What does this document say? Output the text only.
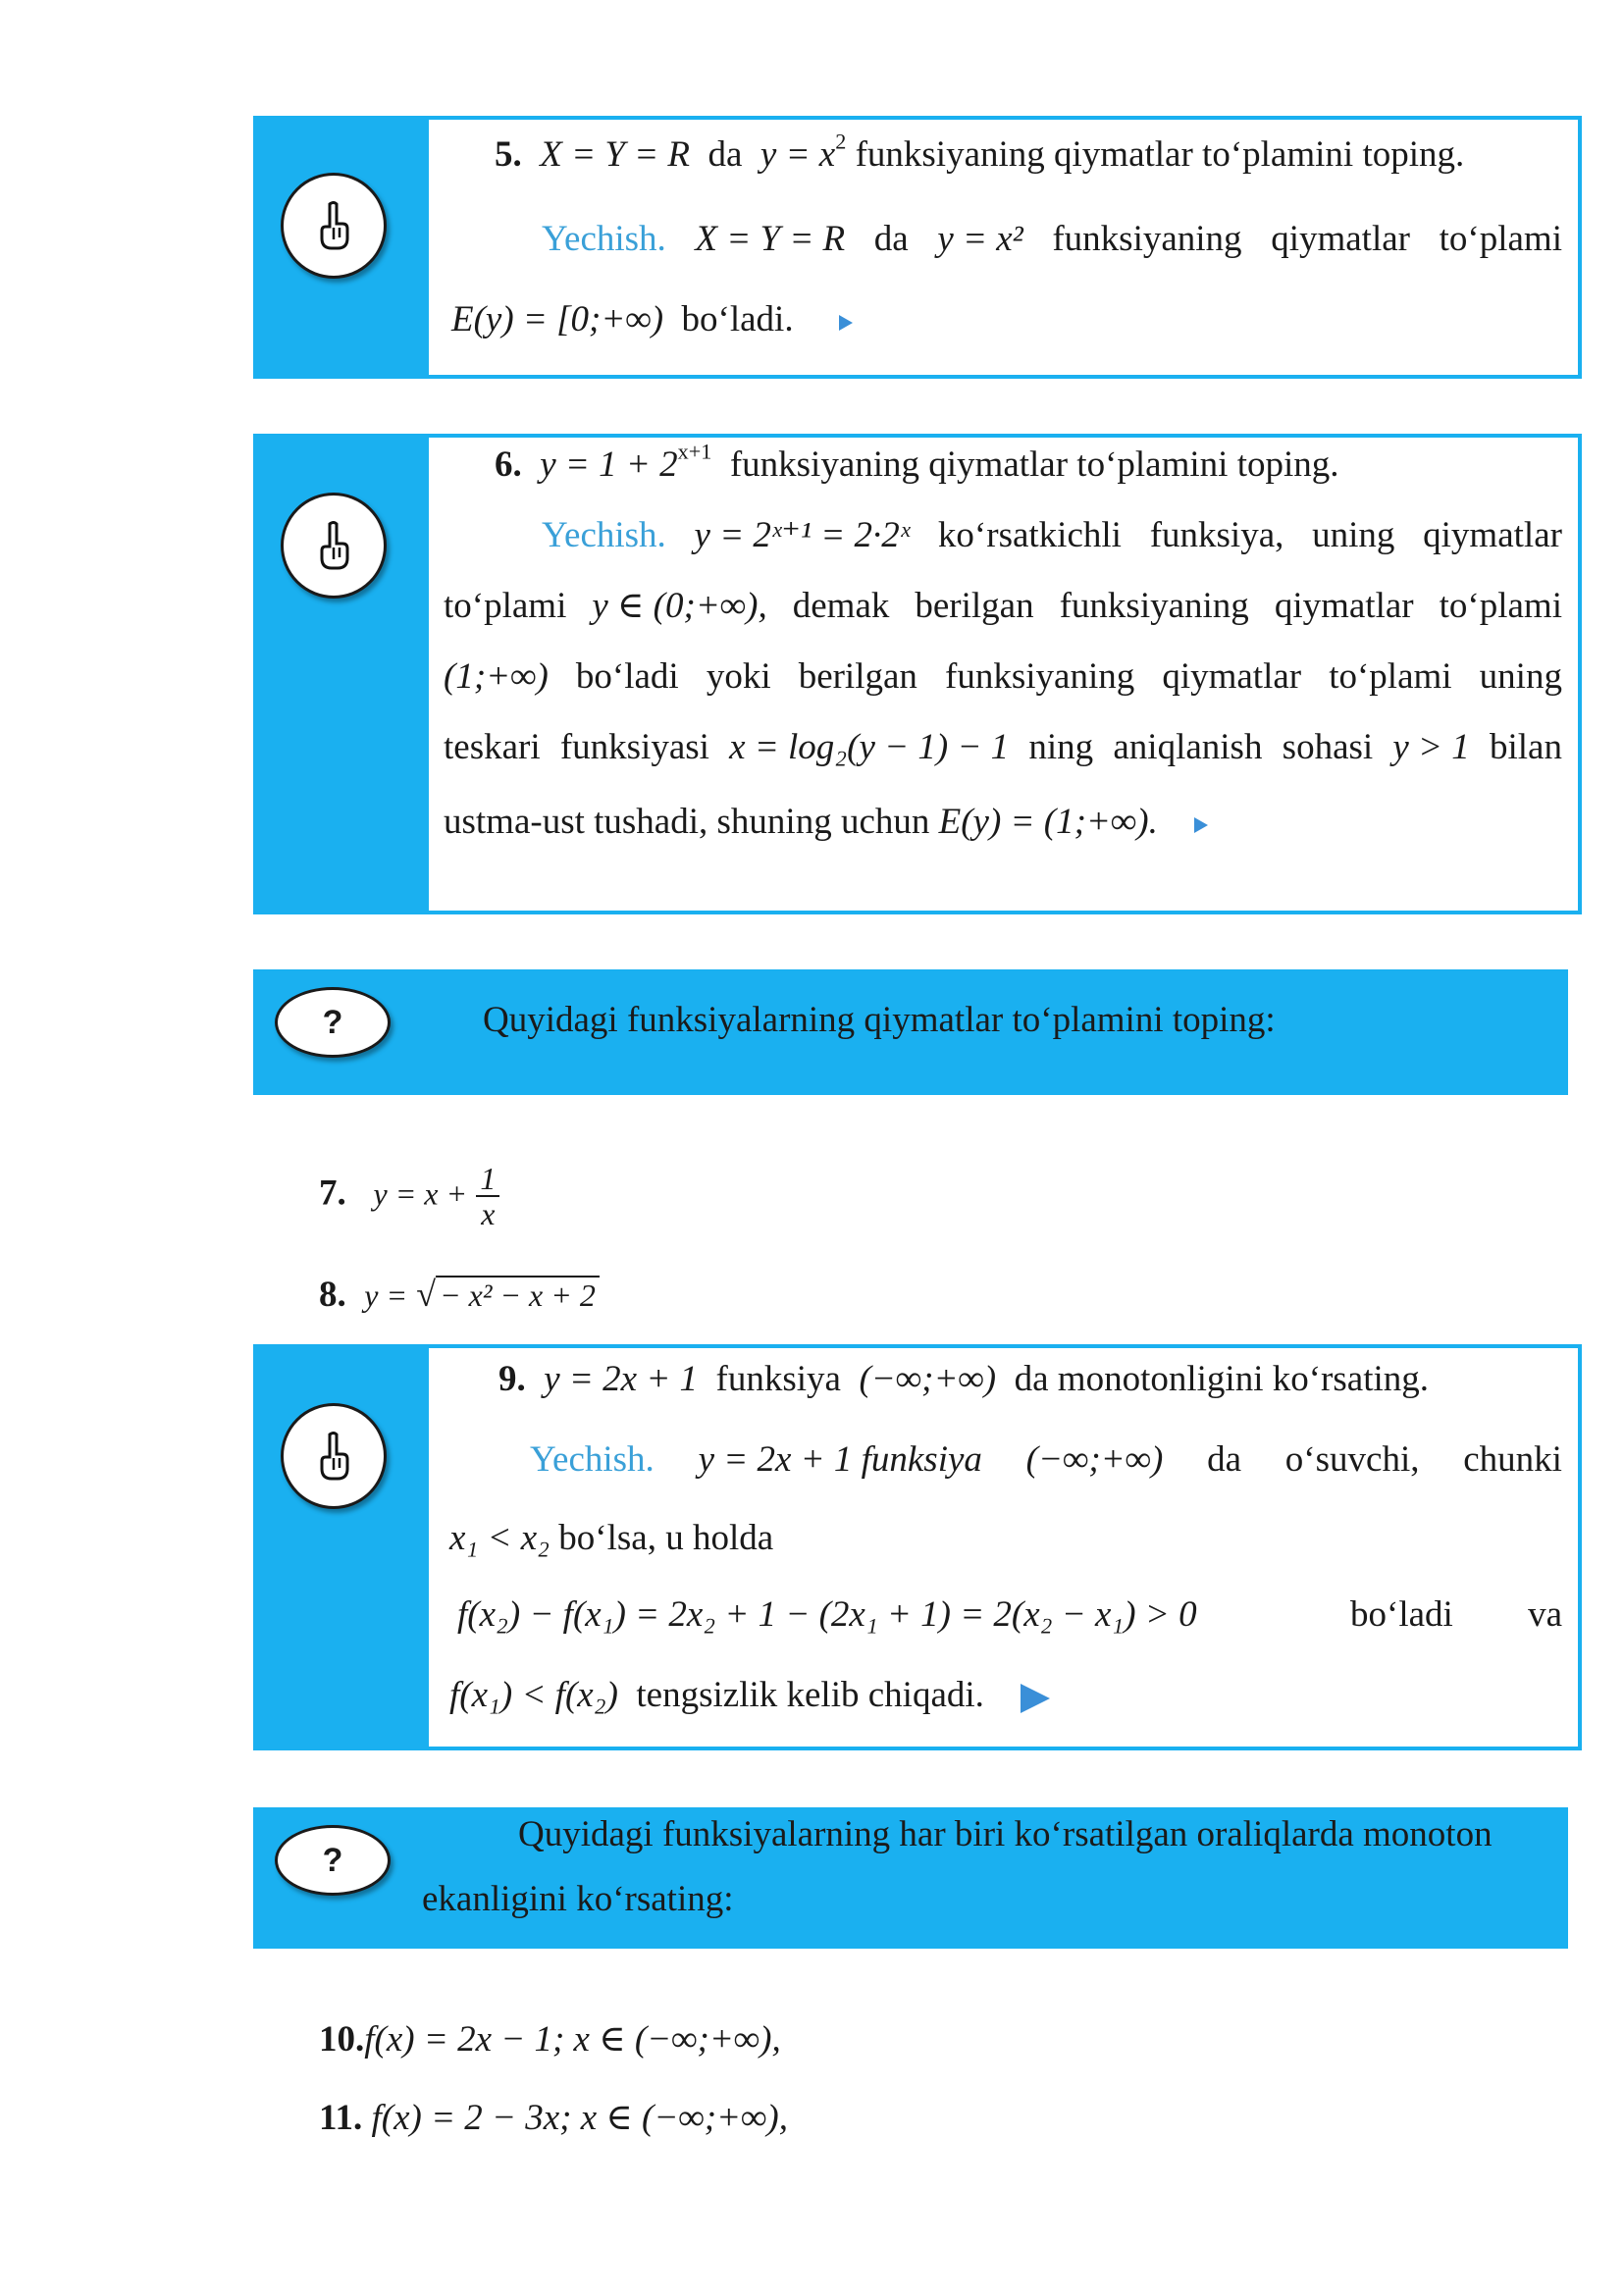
5. X = Y = R da $y = x^2$ funksiyaning qiymatlar to‘plamini toping.
Yechish. X = Y = R da y = x² funksiyaning qiymatlar to‘plami
E(y) = [0;+∞) bo‘ladi.
6. $y = 1 + 2^{x+1}$ funksiyaning qiymatlar to‘plamini toping.
Yechish. y = 2ˣ⁺¹ = 2·2ˣ ko‘rsatkichli funksiya, uning qiymatlar
to‘plami y ∈ (0;+∞), demak berilgan funksiyaning qiymatlar to‘plami
(1;+∞) bo‘ladi yoki berilgan funksiyaning qiymatlar to‘plami uning
teskari funksiyasi x = log₂(y − 1) − 1 ning aniqlanish sohasi y > 1 bilan
ustma-ust tushadi, shuning uchun E(y) = (1;+∞).
?	Quyidagi funksiyalarning qiymatlar to‘plamini toping:
7. $y = x + \frac{1}{x}$
8. y = √ − x² − x + 2
9. y = 2x + 1 funksiya (−∞;+∞) da monotonligini ko‘rsating.
Yechish. y = 2x + 1 funksiya (−∞;+∞) da o‘suvchi, chunki
x₁ < x₂ bo‘lsa, u holda
f(x₂) − f(x₁) = 2x₂ + 1 − (2x₁ + 1) = 2(x₂ − x₁) > 0	bo‘ladi va
f(x₁) < f(x₂) tengsizlik kelib chiqadi.
?
Quyidagi funksiyalarning har biri ko‘rsatilgan oraliqlarda monoton
ekanligini ko‘rsating:
10.f(x) = 2x − 1; x ∈ (−∞;+∞),
11. f(x) = 2 − 3x; x ∈ (−∞;+∞),
